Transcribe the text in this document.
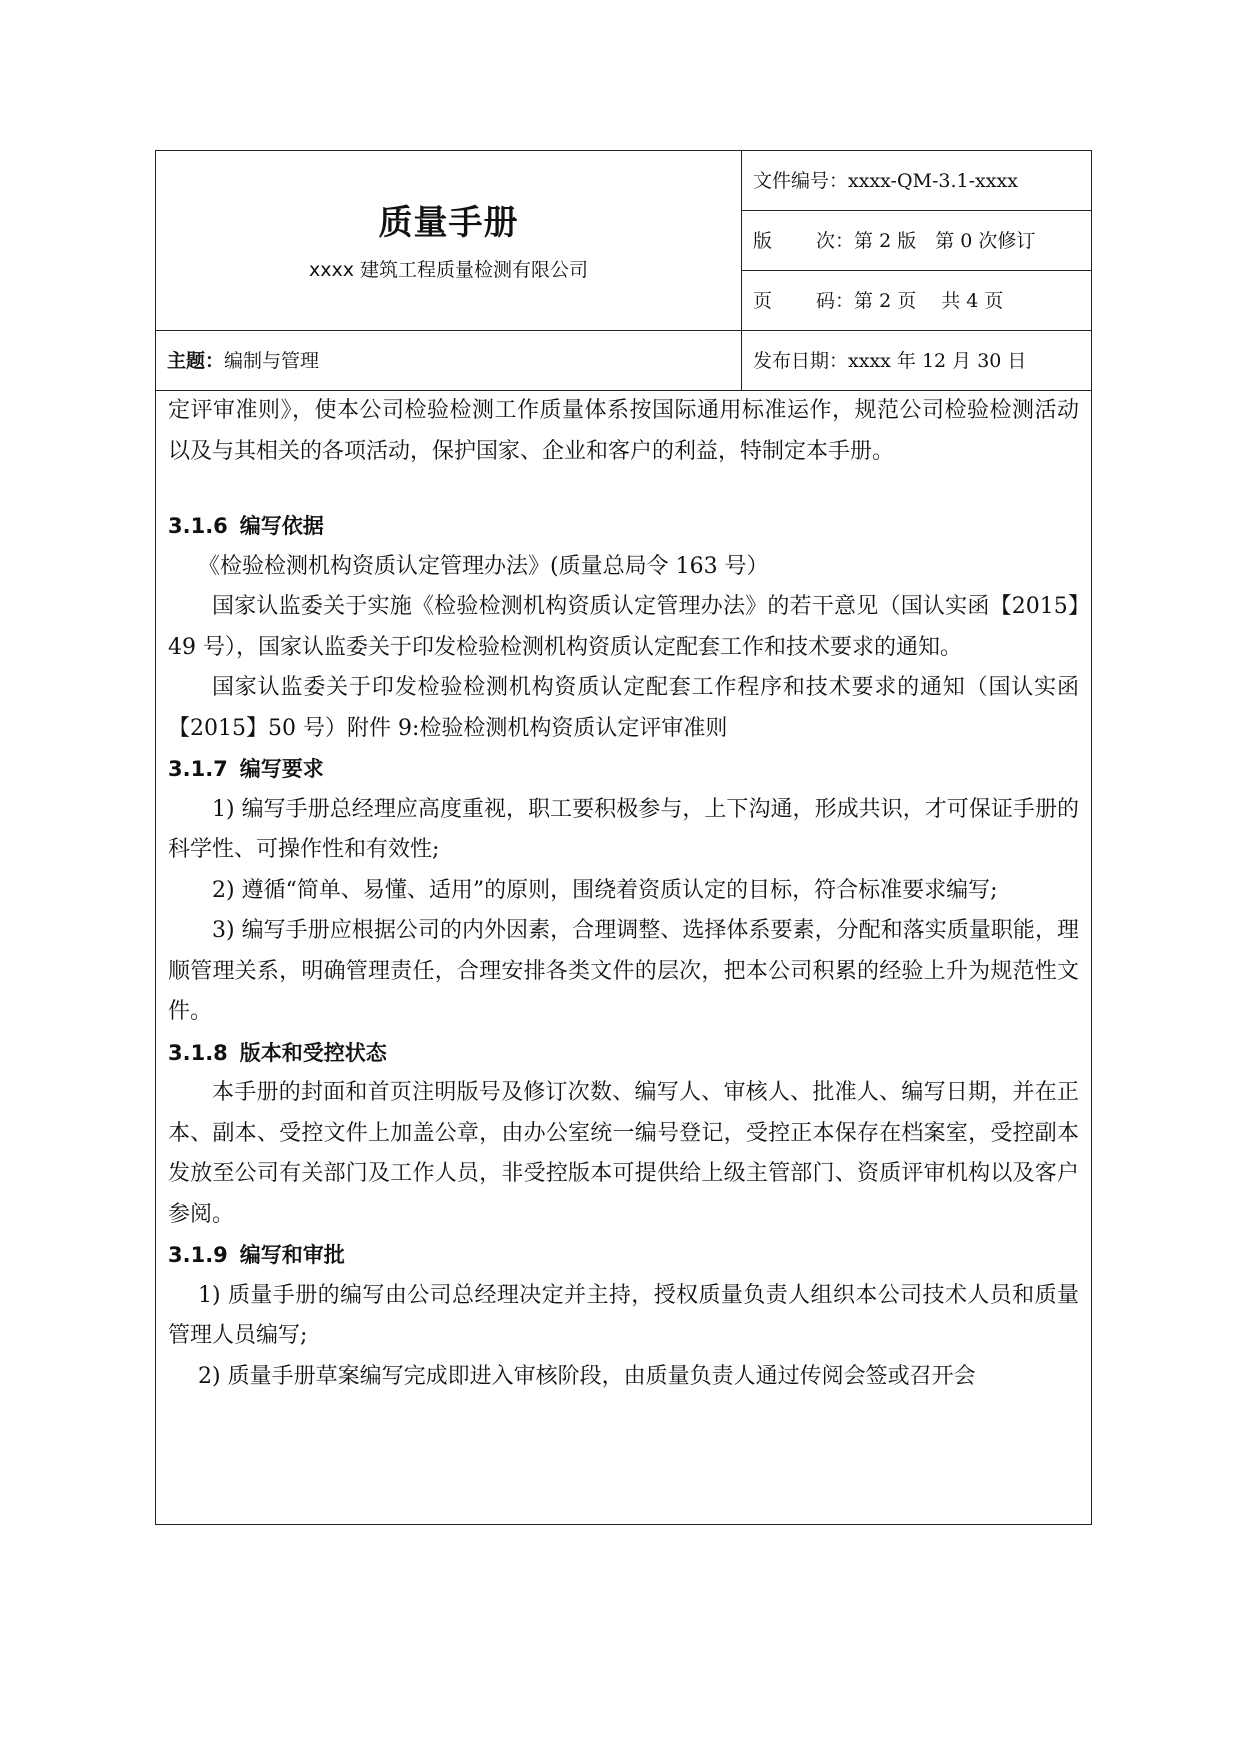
质量手册
xxxx 建筑工程质量检测有限公司
文件编号：xxxx-QM-3.1-xxxx
版 次：第 2 版　第 0 次修订
页 码：第 2 页　 共 4 页
主题：编制与管理	发布日期：xxxx 年 12 月 30 日

定评审准则》，使本公司检验检测工作质量体系按国际通用标准运作，规范公司检验检测活动以及与其相关的各项活动，保护国家、企业和客户的利益，特制定本手册。

3.1.6 编写依据

《检验检测机构资质认定管理办法》(质量总局令 163 号）

国家认监委关于实施《检验检测机构资质认定管理办法》的若干意见（国认实函【2015】49 号），国家认监委关于印发检验检测机构资质认定配套工作和技术要求的通知。

国家认监委关于印发检验检测机构资质认定配套工作程序和技术要求的通知（国认实函【2015】50 号）附件 9:检验检测机构资质认定评审准则

3.1.7 编写要求

1) 编写手册总经理应高度重视，职工要积极参与，上下沟通，形成共识，才可保证手册的科学性、可操作性和有效性;

2) 遵循“简单、易懂、适用”的原则，围绕着资质认定的目标，符合标准要求编写;

3) 编写手册应根据公司的内外因素，合理调整、选择体系要素，分配和落实质量职能，理顺管理关系，明确管理责任，合理安排各类文件的层次，把本公司积累的经验上升为规范性文件。

3.1.8 版本和受控状态

本手册的封面和首页注明版号及修订次数、编写人、审核人、批准人、编写日期，并在正本、副本、受控文件上加盖公章，由办公室统一编号登记，受控正本保存在档案室，受控副本发放至公司有关部门及工作人员，非受控版本可提供给上级主管部门、资质评审机构以及客户参阅。

3.1.9 编写和审批

1) 质量手册的编写由公司总经理决定并主持，授权质量负责人组织本公司技术人员和质量管理人员编写;

2) 质量手册草案编写完成即进入审核阶段，由质量负责人通过传阅会签或召开会
